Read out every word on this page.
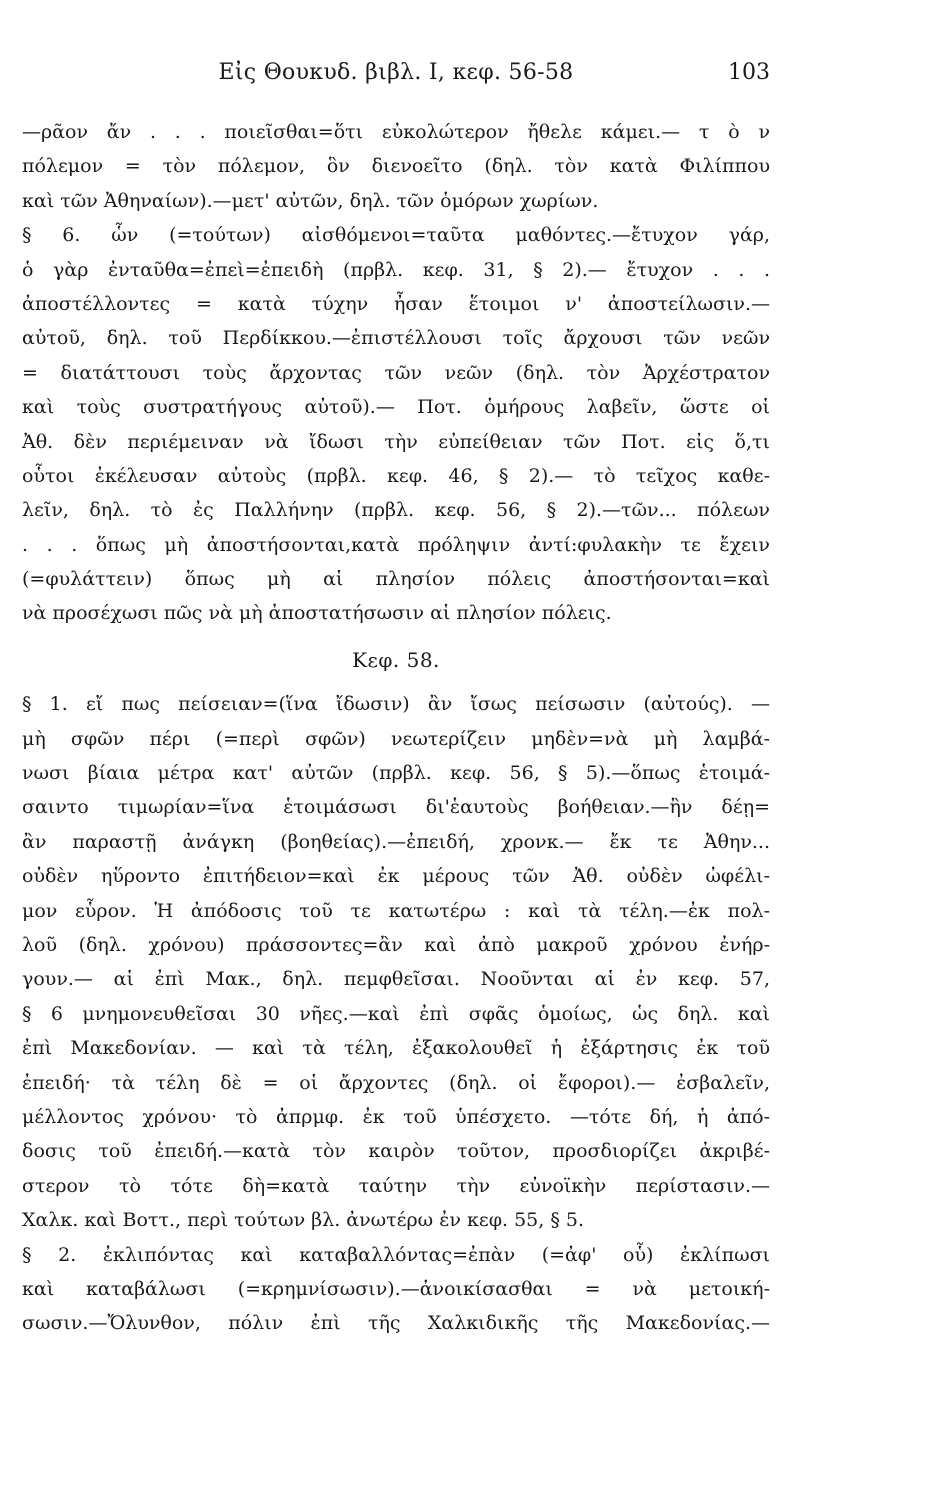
Εἰς Θουκυδ. βιβλ. I, κεφ. 56-58	103
—ρᾶον ἄν . . . ποιεῖσθαι=ὅτι εὐκολώτερον ἤθελε κάμει.— τ ὸ ν
πόλεμον = τὸν πόλεμον, ὃν διενοεῖτο (δηλ. τὸν κατὰ Φιλίππου
καὶ τῶν Ἀθηναίων).—μετ' αὐτῶν, δηλ. τῶν ὁμόρων χωρίων.
§ 6. ὧν (=τούτων) αἰσθόμενοι=ταῦτα μαθόντες.—ἔτυχον γάρ,
ὁ γὰρ ἐνταῦθα=ἐπεὶ=ἐπειδὴ (πρβλ. κεφ. 31, § 2).— ἔτυχον . . .
ἀποστέλλοντες = κατὰ τύχην ἦσαν ἕτοιμοι ν' ἀποστείλωσιν.—
αὐτοῦ, δηλ. τοῦ Περδίκκου.—ἐπιστέλλουσι τοῖς ἄρχουσι τῶν νεῶν
= διατάττουσι τοὺς ἄρχοντας τῶν νεῶν (δηλ. τὸν Ἀρχέστρατον
καὶ τοὺς συστρατήγους αὐτοῦ).— Ποτ. ὁμήρους λαβεῖν, ὥστε οἱ
Ἀθ. δὲν περιέμειναν νὰ ἴδωσι τὴν εὐπείθειαν τῶν Ποτ. εἰς ὅ,τι
οὗτοι ἐκέλευσαν αὐτοὺς (πρβλ. κεφ. 46, § 2).— τὸ τεῖχος καθε-
λεῖν, δηλ. τὸ ἐς Παλλήνην (πρβλ. κεφ. 56, § 2).—τῶν... πόλεων
. . . ὅπως μὴ ἀποστήσονται,κατὰ πρόληψιν ἀντί:φυλακὴν τε ἔχειν
(=φυλάττειν) ὅπως μὴ αἱ πλησίον πόλεις ἀποστήσονται=καὶ
νὰ προσέχωσι πῶς νὰ μὴ ἀποστατήσωσιν αἱ πλησίον πόλεις.
Κεφ. 58.
§ 1. εἴ πως πείσειαν=(ἵνα ἴδωσιν) ἂν ἴσως πείσωσιν (αὐτούς). —
μὴ σφῶν πέρι (=περὶ σφῶν) νεωτερίζειν μηδὲν=νὰ μὴ λαμβά-
νωσι βίαια μέτρα κατ' αὐτῶν (πρβλ. κεφ. 56, § 5).—ὅπως ἑτοιμά-
σαιντο τιμωρίαν=ἵνα ἑτοιμάσωσι δι'ἑαυτοὺς βοήθειαν.—ἢν δέῃ=
ἂν παραστῇ ἀνάγκη (βοηθείας).—ἐπειδή, χρονκ.— ἔκ τε Ἀθην...
οὐδὲν ηὕροντο ἐπιτήδειον=καὶ ἐκ μέρους τῶν Ἀθ. οὐδὲν ὠφέλι-
μον εὗρον. Ἡ ἀπόδοσις τοῦ τε κατωτέρω : καὶ τὰ τέλη.—ἐκ πολ-
λοῦ (δηλ. χρόνου) πράσσοντες=ἂν καὶ ἀπὸ μακροῦ χρόνου ἐνήρ-
γουν.— αἱ ἐπὶ Μακ., δηλ. πεμφθεῖσαι. Νοοῦνται αἱ ἐν κεφ. 57,
§ 6 μνημονευθεῖσαι 30 νῆες.—καὶ ἐπὶ σφᾶς ὁμοίως, ὡς δηλ. καὶ
ἐπὶ Μακεδονίαν. — καὶ τὰ τέλη, ἐξακολουθεῖ ἡ ἐξάρτησις ἐκ τοῦ
ἐπειδή· τὰ τέλη δὲ = οἱ ἄρχοντες (δηλ. οἱ ἔφοροι).— ἐσβαλεῖν,
μέλλοντος χρόνου· τὸ ἀπρμφ. ἐκ τοῦ ὑπέσχετο. —τότε δή, ἡ ἀπό-
δοσις τοῦ ἐπειδή.—κατὰ τὸν καιρὸν τοῦτον, προσδιορίζει ἀκριβέ-
στερον τὸ τότε δὴ=κατὰ ταύτην τὴν εὐνοϊκὴν περίστασιν.—
Χαλκ. καὶ Βοττ., περὶ τούτων βλ. ἀνωτέρω ἐν κεφ. 55, § 5.
§ 2. ἐκλιπόντας καὶ καταβαλλόντας=ἐπὰν (=ἀφ' οὗ) ἐκλίπωσι
καὶ καταβάλωσι (=κρημνίσωσιν).—ἀνοικίσασθαι = νὰ μετοική-
σωσιν.—Ὄλυνθον, πόλιν ἐπὶ τῆς Χαλκιδικῆς τῆς Μακεδονίας.—
